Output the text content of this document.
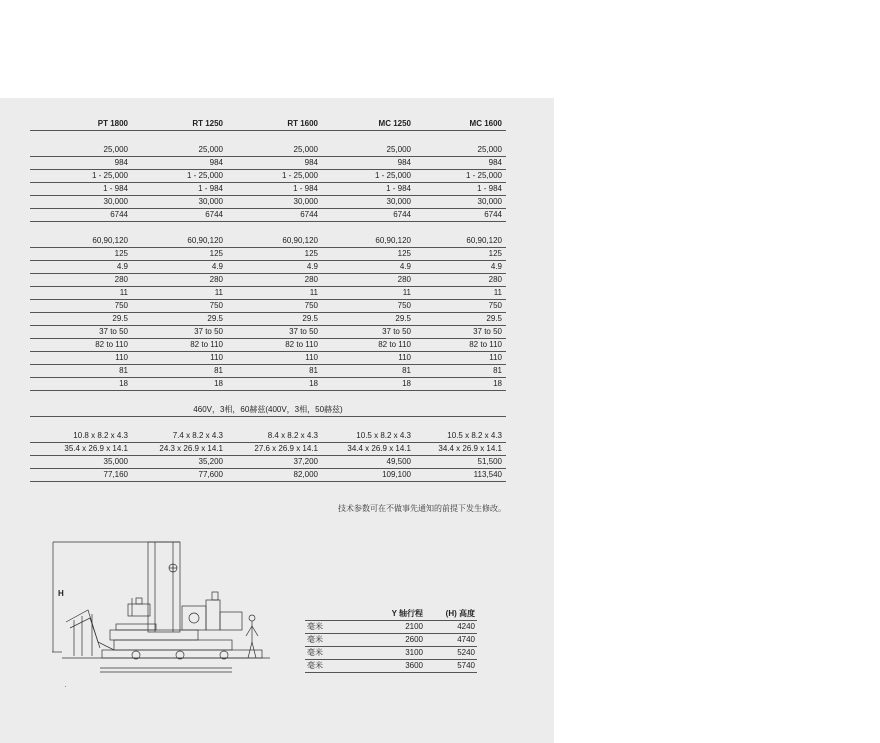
PT 1800	RT 1250	RT 1600	MC 1250	MC 1600

25,000	25,000	25,000	25,000	25,000
984	984	984	984	984
1 - 25,000	1 - 25,000	1 - 25,000	1 - 25,000	1 - 25,000
1 - 984	1 - 984	1 - 984	1 - 984	1 - 984
30,000	30,000	30,000	30,000	30,000
6744	6744	6744	6744	6744

60,90,120	60,90,120	60,90,120	60,90,120	60,90,120
125	125	125	125	125
4.9	4.9	4.9	4.9	4.9
280	280	280	280	280
11	11	11	11	11
750	750	750	750	750
29.5	29.5	29.5	29.5	29.5
37 to 50	37 to 50	37 to 50	37 to 50	37 to 50
82 to 110	82 to 110	82 to 110	82 to 110	82 to 110
110	110	110	110	110
81	81	81	81	81
18	18	18	18	18

460V，3相，60赫兹(400V，3相，50赫兹)				

10.8 x 8.2 x 4.3	7.4 x 8.2 x 4.3	8.4 x 8.2 x 4.3	10.5 x 8.2 x 4.3	10.5 x 8.2 x 4.3
35.4 x 26.9 x 14.1	24.3 x 26.9 x 14.1	27.6 x 26.9 x 14.1	34.4 x 26.9 x 14.1	34.4 x 26.9 x 14.1
35,000	35,200	37,200	49,500	51,500
77,160	77,600	82,000	109,100	113,540
技术参数可在不做事先通知的前提下发生修改。
H
	Y 轴行程	(H) 高度
毫米	2100	4240
毫米	2600	4740
毫米	3100	5240
毫米	3600	5740
